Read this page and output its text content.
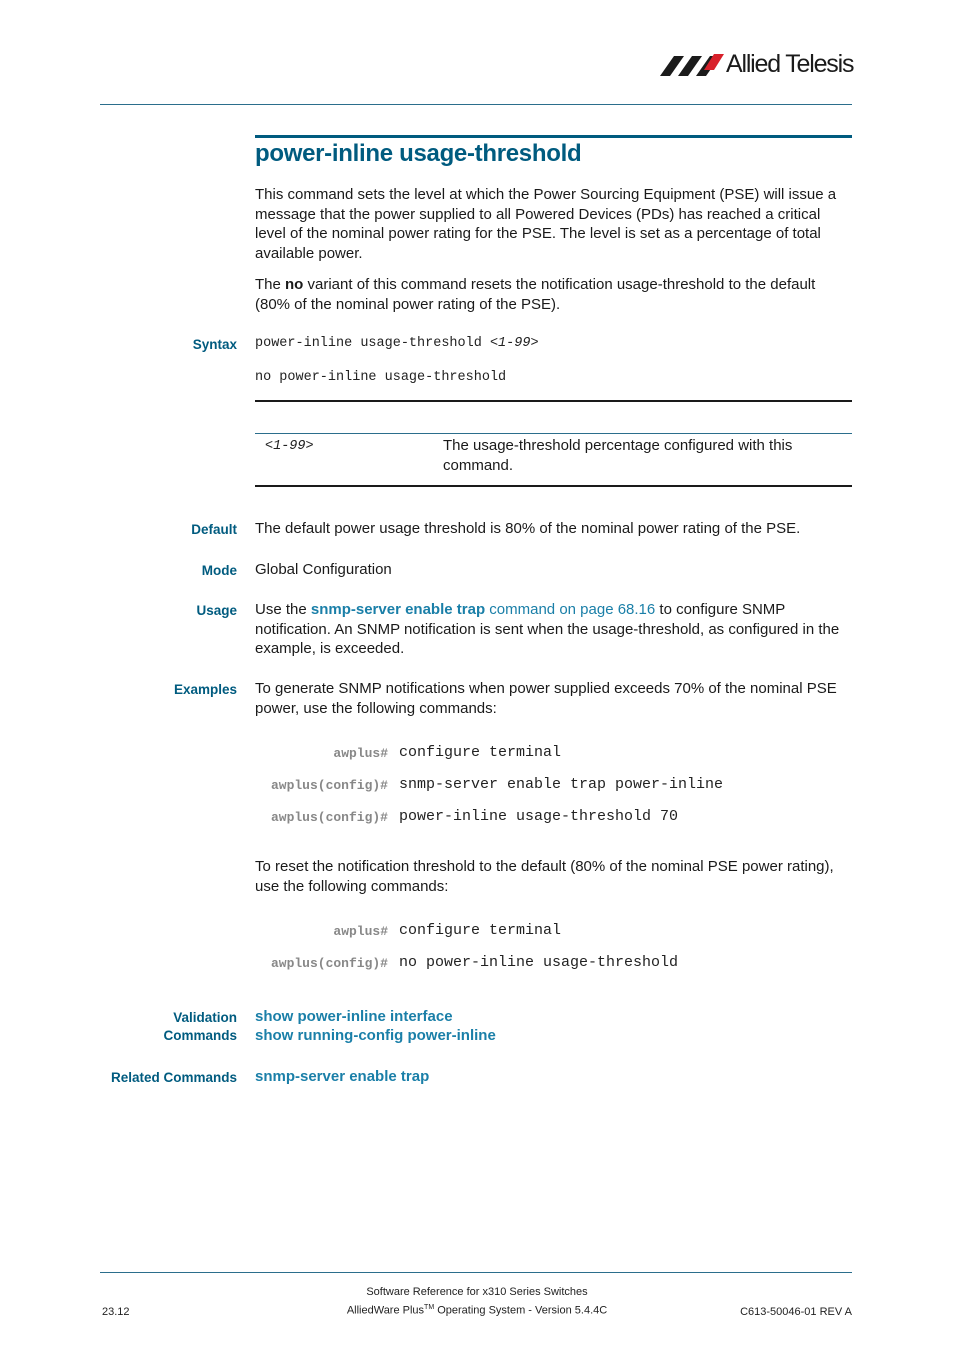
Allied Telesis
power-inline usage-threshold

This command sets the level at which the Power Sourcing Equipment (PSE) will issue a message that the power supplied to all Powered Devices (PDs) has reached a critical level of the nominal power rating for the PSE. The level is set as a percentage of total available power.

The no variant of this command resets the notification usage-threshold to the default (80% of the nominal power rating of the PSE).

Syntax power-inline usage-threshold <1-99>
no power-inline usage-threshold
<1-99>	The usage-threshold percentage configured with this command.
Default The default power usage threshold is 80% of the nominal power rating of the PSE.
Mode Global Configuration
Usage Use the snmp-server enable trap command on page 68.16 to configure SNMP notification. An SNMP notification is sent when the usage-threshold, as configured in the example, is exceeded.

Examples To generate SNMP notifications when power supplied exceeds 70% of the nominal PSE power, use the following commands:

awplus# configure terminal
awplus(config)# snmp-server enable trap power-inline
awplus(config)# power-inline usage-threshold 70

To reset the notification threshold to the default (80% of the nominal PSE power rating), use the following commands:

awplus# configure terminal
awplus(config)# no power-inline usage-threshold
Validation
Commands
show power-inline interface
show running-config power-inline
Related Commands snmp-server enable trap
Software Reference for x310 Series Switches
AlliedWare Plus™ Operating System - Version 5.4.4C
23.12	C613-50046-01 REV A
